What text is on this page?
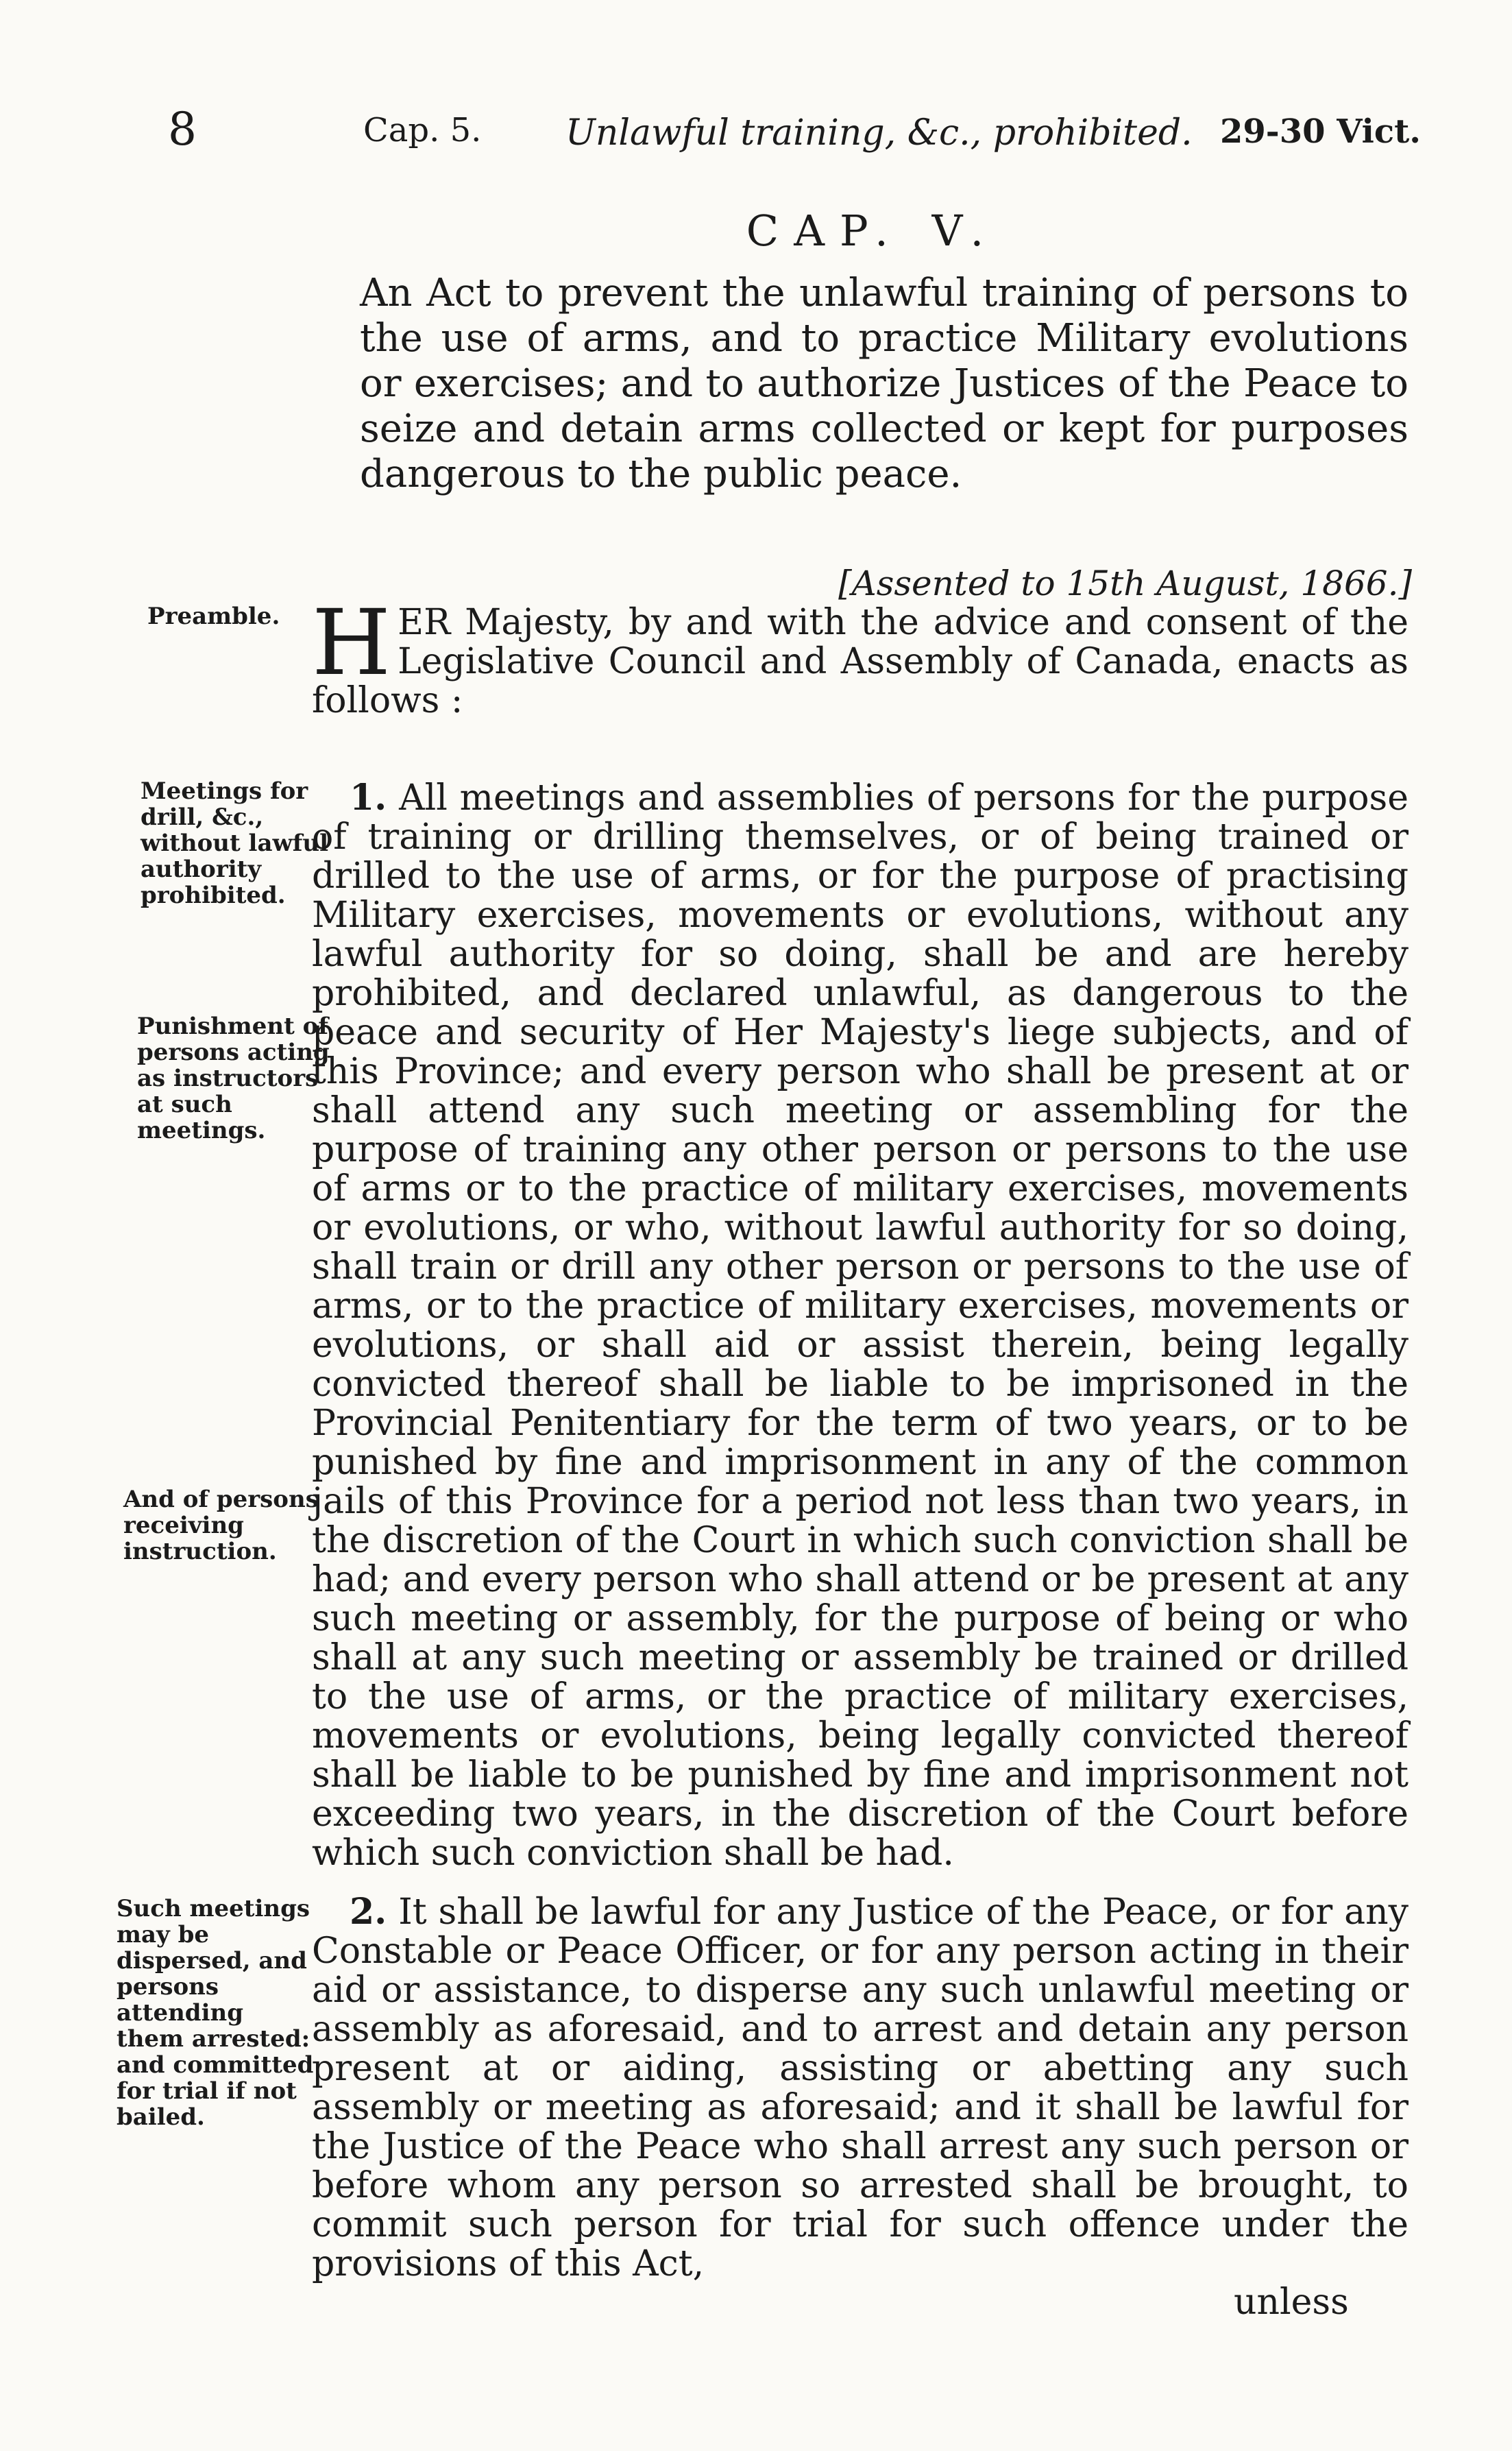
8	Cap. 5. Unlawful training, &c., prohibited. 29-30 Vict.
CAP. V.
An Act to prevent the unlawful training of persons to the use of arms, and to practice Military evolutions or exercises; and to authorize Justices of the Peace to seize and detain arms collected or kept for purposes dangerous to the public peace.
[Assented to 15th August, 1866.]
Preamble.
Meetings for drill, &c., without lawful authority prohibited.
Punishment of persons acting as instructors at such meetings.
And of persons receiving instruction.
Such meetings may be dispersed, and persons attending them arrested: and committed for trial if not bailed.
HER Majesty, by and with the advice and consent of the Legislative Council and Assembly of Canada, enacts as follows :
1. All meetings and assemblies of persons for the purpose of training or drilling themselves, or of being trained or drilled to the use of arms, or for the purpose of practising Military exercises, movements or evolutions, without any lawful authority for so doing, shall be and are hereby prohibited, and declared unlawful, as dangerous to the peace and security of Her Majesty's liege subjects, and of this Province; and every person who shall be present at or shall attend any such meeting or assembling for the purpose of training any other person or persons to the use of arms or to the practice of military exercises, movements or evolutions, or who, without lawful authority for so doing, shall train or drill any other person or persons to the use of arms, or to the practice of military exercises, movements or evolutions, or shall aid or assist therein, being legally convicted thereof shall be liable to be imprisoned in the Provincial Penitentiary for the term of two years, or to be punished by fine and imprisonment in any of the common jails of this Province for a period not less than two years, in the discretion of the Court in which such conviction shall be had; and every person who shall attend or be present at any such meeting or assembly, for the purpose of being or who shall at any such meeting or assembly be trained or drilled to the use of arms, or the practice of military exercises, movements or evolutions, being legally convicted thereof shall be liable to be punished by fine and imprisonment not exceeding two years, in the discretion of the Court before which such conviction shall be had.
2. It shall be lawful for any Justice of the Peace, or for any Constable or Peace Officer, or for any person acting in their aid or assistance, to disperse any such unlawful meeting or assembly as aforesaid, and to arrest and detain any person present at or aiding, assisting or abetting any such assembly or meeting as aforesaid; and it shall be lawful for the Justice of the Peace who shall arrest any such person or before whom any person so arrested shall be brought, to commit such person for trial for such offence under the provisions of this Act,
unless
